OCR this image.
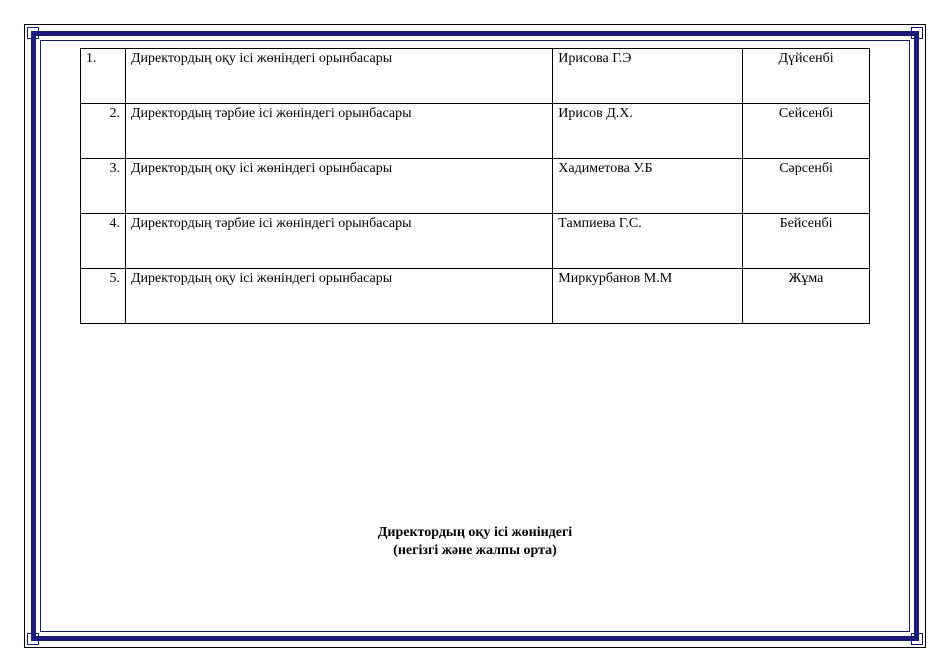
1.	Директордың оқу ісі жөніндегі орынбасары	Ирисова Г.Э	Дүйсенбі
2.	Директордың тәрбие ісі жөніндегі орынбасары	Ирисов Д.Х.	Сейсенбі
3.	Директордың оқу ісі жөніндегі орынбасары	Хадиметова У.Б	Сәрсенбі
4.	Директордың тәрбие ісі жөніндегі орынбасары	Тампиева Г.С.	Бейсенбі
5.	Директордың оқу ісі жөніндегі орынбасары	Миркурбанов М.М	Жұма
Директордың оқу ісі жөніндегі
(негізгі және жалпы орта)
